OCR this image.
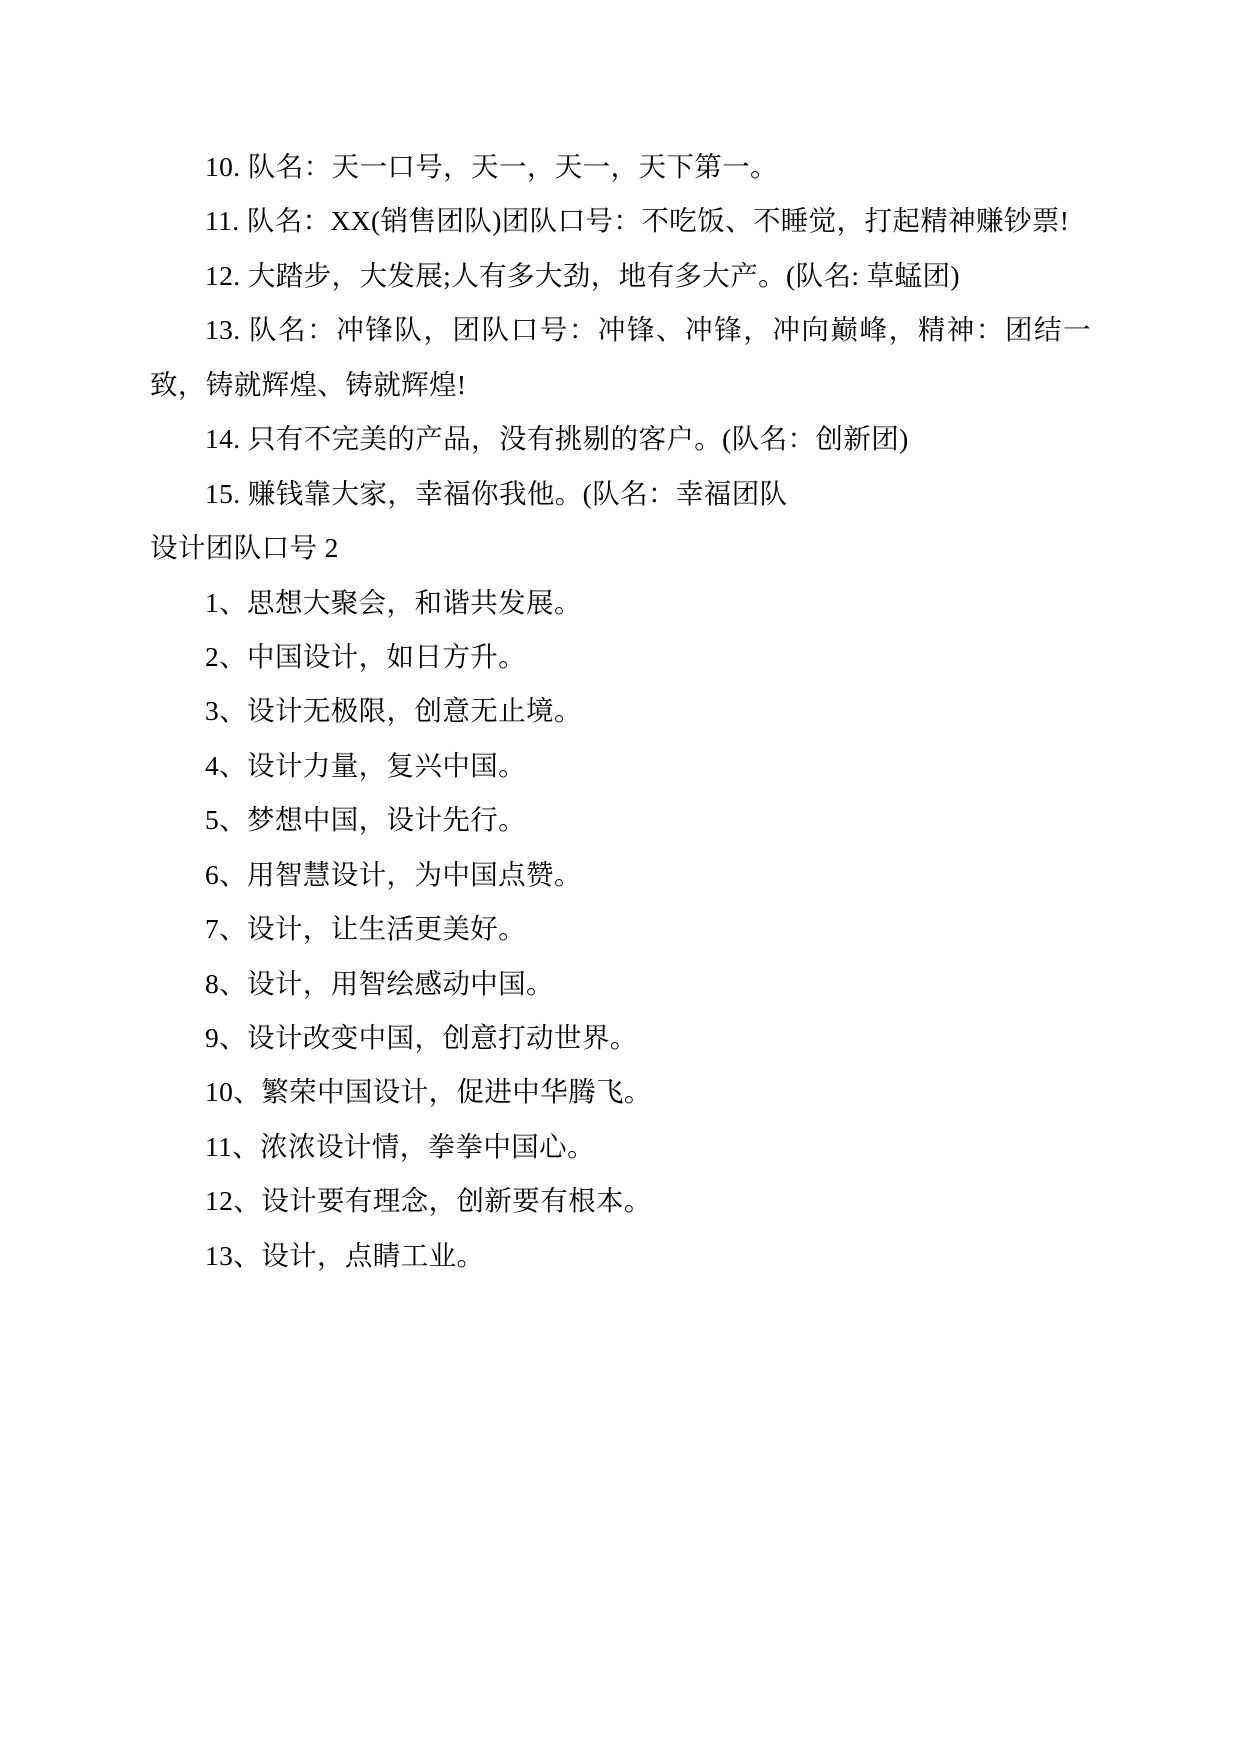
10. 队名：天一口号，天一，天一，天下第一。

11. 队名：XX(销售团队)团队口号：不吃饭、不睡觉，打起精神赚钞票!

12. 大踏步，大发展;人有多大劲，地有多大产。(队名: 草蜢团)

13. 队名：冲锋队，团队口号：冲锋、冲锋，冲向巅峰，精神：团结一致，铸就辉煌、铸就辉煌!

14. 只有不完美的产品，没有挑剔的客户。(队名：创新团)

15. 赚钱靠大家，幸福你我他。(队名：幸福团队

设计团队口号 2

1、思想大聚会，和谐共发展。

2、中国设计，如日方升。

3、设计无极限，创意无止境。

4、设计力量，复兴中国。

5、梦想中国，设计先行。

6、用智慧设计，为中国点赞。

7、设计，让生活更美好。

8、设计，用智绘感动中国。

9、设计改变中国，创意打动世界。

10、繁荣中国设计，促进中华腾飞。

11、浓浓设计情，拳拳中国心。

12、设计要有理念，创新要有根本。

13、设计，点睛工业。
